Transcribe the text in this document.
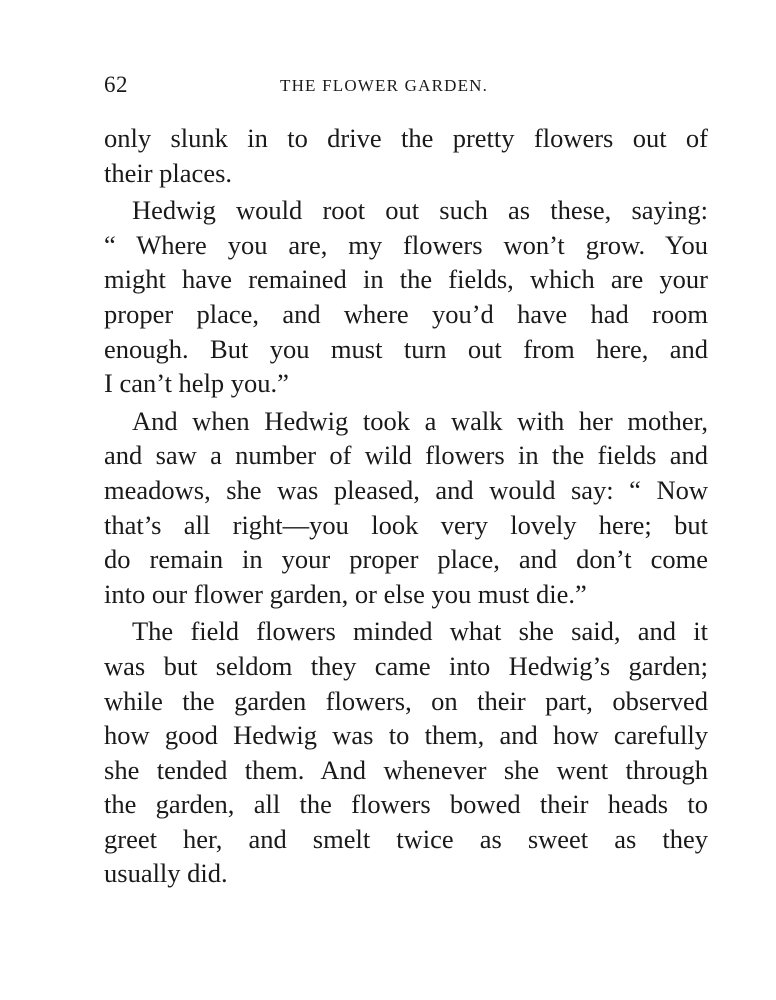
62	THE FLOWER GARDEN.
only slunk in to drive the pretty flowers out of
their places.
Hedwig would root out such as these, saying:
“ Where you are, my flowers won’t grow. You
might have remained in the fields, which are your
proper place, and where you’d have had room
enough. But you must turn out from here, and
I can’t help you.”
And when Hedwig took a walk with her mother,
and saw a number of wild flowers in the fields and
meadows, she was pleased, and would say: “ Now
that’s all right—you look very lovely here; but
do remain in your proper place, and don’t come
into our flower garden, or else you must die.”
The field flowers minded what she said, and it
was but seldom they came into Hedwig’s garden;
while the garden flowers, on their part, observed
how good Hedwig was to them, and how carefully
she tended them. And whenever she went through
the garden, all the flowers bowed their heads to
greet her, and smelt twice as sweet as they
usually did.
